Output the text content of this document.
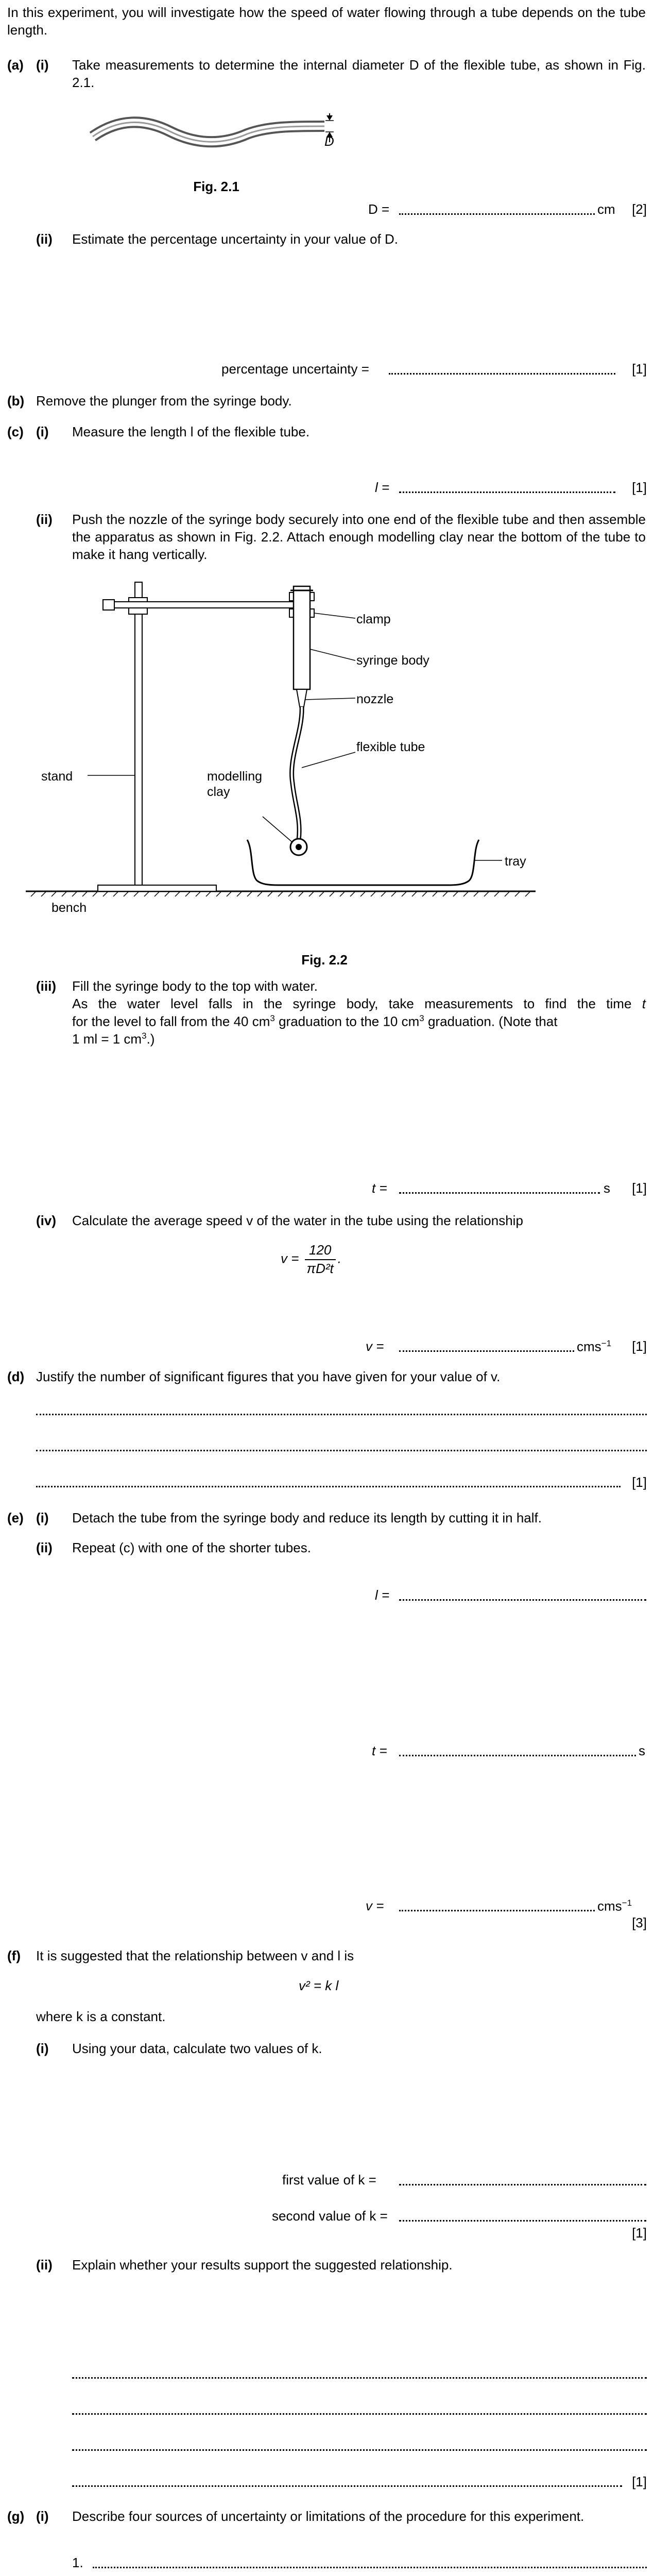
In this experiment, you will investigate how the speed of water flowing through a tube depends on the tube length.
(a) (i) Take measurements to determine the internal diameter D of the flexible tube, as shown in Fig. 2.1.
D
Fig. 2.1
D =	cm [2]
(ii) Estimate the percentage uncertainty in your value of D.
percentage uncertainty =	[1]
(b) Remove the plunger from the syringe body.
(c) (i) Measure the length l of the flexible tube.
l =	[1]
(ii) Push the nozzle of the syringe body securely into one end of the flexible tube and then assemble the apparatus as shown in Fig. 2.2. Attach enough modelling clay near the bottom of the tube to make it hang vertically.
clamp
syringe body
nozzle
flexible tube
stand	modelling
clay
tray
bench
Fig. 2.2
(iii) Fill the syringe body to the top with water.
As the water level falls in the syringe body, take measurements to find the time t
for the level to fall from the 40 $cm^3$ graduation to the 10 $cm^3$ graduation. (Note that
1 ml = 1 $cm^3$.)
t =	s [1]
(iv) Calculate the average speed v of the water in the tube using the relationship
$v = \frac{120}{\text{πD²t}}$ .
v =	cms$^{-1}$ [1]
(d) Justify the number of significant figures that you have given for your value of v.
[1]
(e) (i) Detach the tube from the syringe body and reduce its length by cutting it in half.
(ii) Repeat (c) with one of the shorter tubes.
l =
t =	s
v =	cms$^{-1}$
[3]
(f) It is suggested that the relationship between v and l is
v² = k l
where k is a constant.
(i) Using your data, calculate two values of k.
first value of k =
second value of k =
[1]
(ii) Explain whether your results support the suggested relationship.
[1]
(g) (i) Describe four sources of uncertainty or limitations of the procedure for this experiment.
1.
